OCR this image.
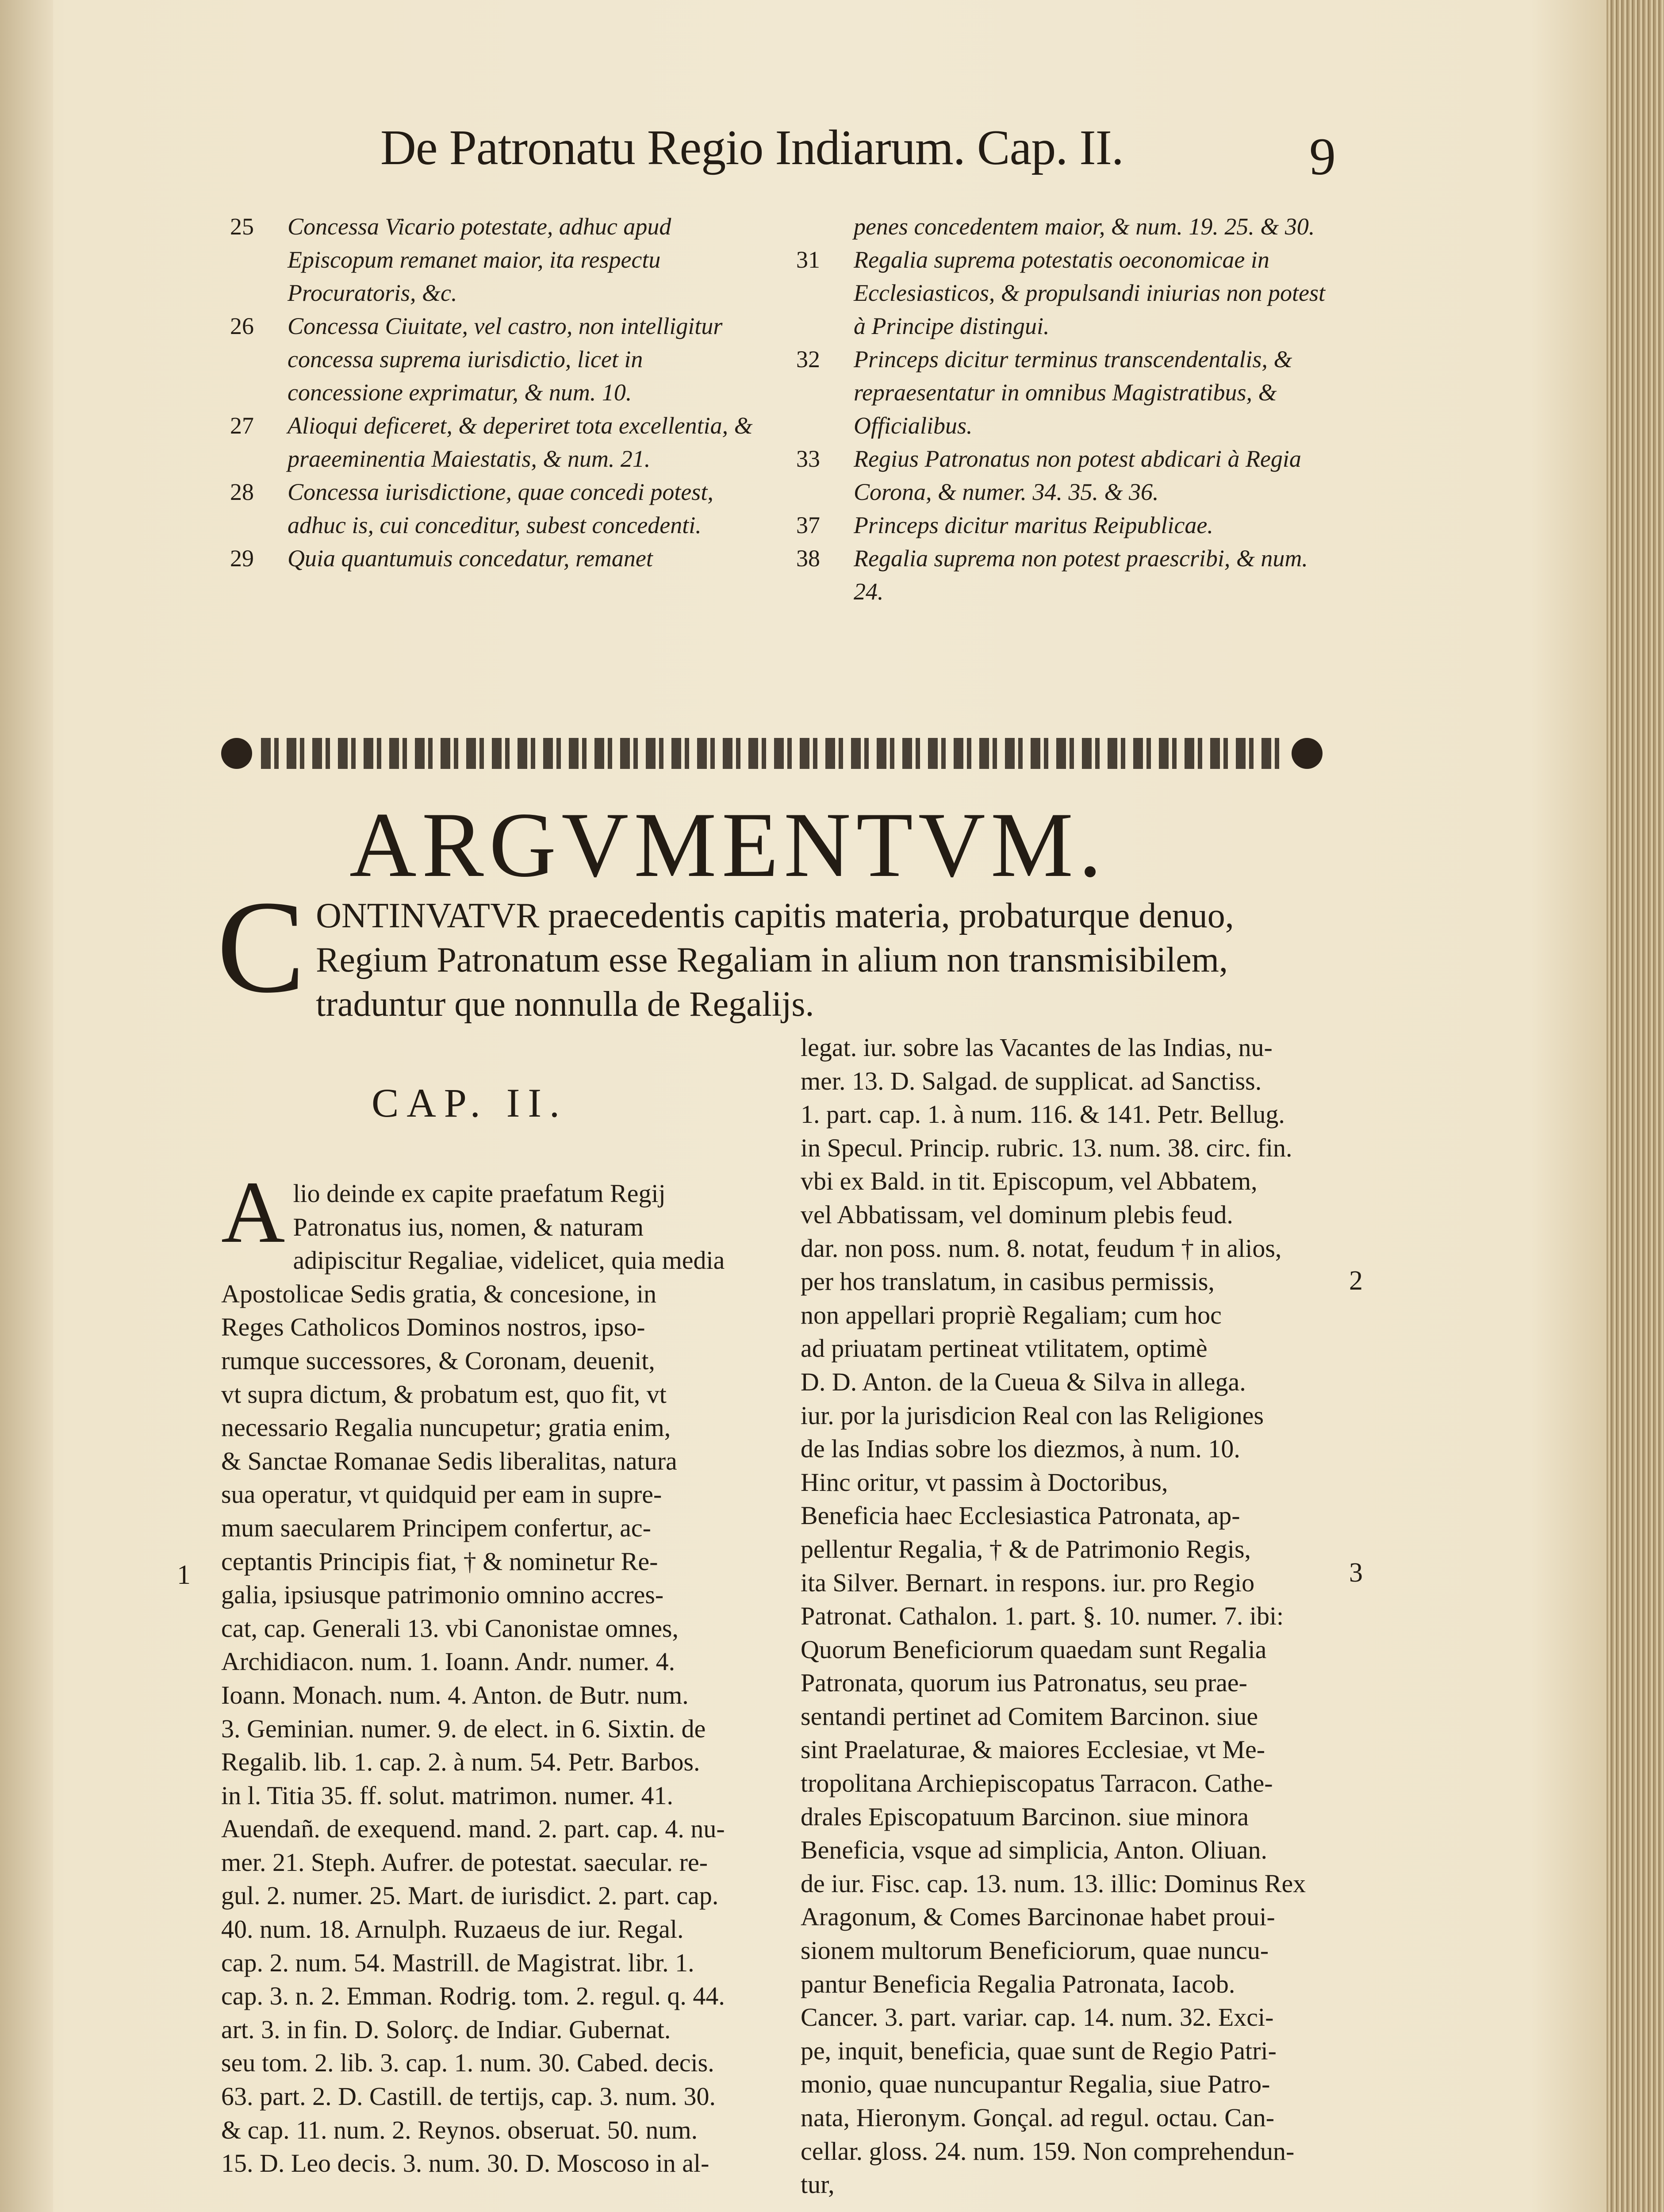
De Patronatu Regio Indiarum. Cap. II.	9
25	Concessa Vicario potestate, adhuc apud Episcopum remanet maior, ita respectu Procuratoris, &c.
26	Concessa Ciuitate, vel castro, non intelligitur concessa suprema iurisdictio, licet in concessione exprimatur, & num. 10.
27	Alioqui deficeret, & deperiret tota excellentia, & praeeminentia Maiestatis, & num. 21.
28	Concessa iurisdictione, quae concedi potest, adhuc is, cui conceditur, subest concedenti.
29	Quia quantumuis concedatur, remanet
penes concedentem maior, & num. 19. 25. & 30.
31	Regalia suprema potestatis oeconomicae in Ecclesiasticos, & propulsandi iniurias non potest à Principe distingui.
32	Princeps dicitur terminus transcendentalis, & repraesentatur in omnibus Magistratibus, & Officialibus.
33	Regius Patronatus non potest abdicari à Regia Corona, & numer. 34. 35. & 36.
37	Princeps dicitur maritus Reipublicae.
38	Regalia suprema non potest praescribi, & num. 24.
ARGVMENTVM.
C ONTINVATVR praecedentis capitis materia, probaturque denuo, Regium Patronatum esse Regaliam in alium non transmisibilem, traduntur que nonnulla de Regalijs.
CAP. II.
A lio deinde ex capite praefatum Regij
Patronatus ius, nomen, & naturam
adipiscitur Regaliae, videlicet, quia media
Apostolicae Sedis gratia, & concesione, in
Reges Catholicos Dominos nostros, ipso-
rumque successores, & Coronam, deuenit,
vt supra dictum, & probatum est, quo fit, vt
necessario Regalia nuncupetur; gratia enim,
& Sanctae Romanae Sedis liberalitas, natura
sua operatur, vt quidquid per eam in supre-
mum saecularem Principem confertur, ac-
ceptantis Principis fiat, † & nominetur Re-
galia, ipsiusque patrimonio omnino accres-
cat, cap. Generali 13. vbi Canonistae omnes,
Archidiacon. num. 1. Ioann. Andr. numer. 4.
Ioann. Monach. num. 4. Anton. de Butr. num.
3. Geminian. numer. 9. de elect. in 6. Sixtin. de
Regalib. lib. 1. cap. 2. à num. 54. Petr. Barbos.
in l. Titia 35. ff. solut. matrimon. numer. 41.
Auendañ. de exequend. mand. 2. part. cap. 4. nu-
mer. 21. Steph. Aufrer. de potestat. saecular. re-
gul. 2. numer. 25. Mart. de iurisdict. 2. part. cap.
40. num. 18. Arnulph. Ruzaeus de iur. Regal.
cap. 2. num. 54. Mastrill. de Magistrat. libr. 1.
cap. 3. n. 2. Emman. Rodrig. tom. 2. regul. q. 44.
art. 3. in fin. D. Solorç. de Indiar. Gubernat.
seu tom. 2. lib. 3. cap. 1. num. 30. Cabed. decis.
63. part. 2. D. Castill. de tertijs, cap. 3. num. 30.
& cap. 11. num. 2. Reynos. obseruat. 50. num.
15. D. Leo decis. 3. num. 30. D. Moscoso in al-
legat. iur. sobre las Vacantes de las Indias, nu-
mer. 13. D. Salgad. de supplicat. ad Sanctiss.
1. part. cap. 1. à num. 116. & 141. Petr. Bellug.
in Specul. Princip. rubric. 13. num. 38. circ. fin.
vbi ex Bald. in tit. Episcopum, vel Abbatem,
vel Abbatissam, vel dominum plebis feud.
dar. non poss. num. 8. notat, feudum † in alios,
per hos translatum, in casibus permissis,
non appellari propriè Regaliam; cum hoc
ad priuatam pertineat vtilitatem, optimè
D. D. Anton. de la Cueua & Silva in allega.
iur. por la jurisdicion Real con las Religiones
de las Indias sobre los diezmos, à num. 10.
Hinc oritur, vt passim à Doctoribus,
Beneficia haec Ecclesiastica Patronata, ap-
pellentur Regalia, † & de Patrimonio Regis,
ita Silver. Bernart. in respons. iur. pro Regio
Patronat. Cathalon. 1. part. §. 10. numer. 7. ibi:
Quorum Beneficiorum quaedam sunt Regalia
Patronata, quorum ius Patronatus, seu prae-
sentandi pertinet ad Comitem Barcinon. siue
sint Praelaturae, & maiores Ecclesiae, vt Me-
tropolitana Archiepiscopatus Tarracon. Cathe-
drales Episcopatuum Barcinon. siue minora
Beneficia, vsque ad simplicia, Anton. Oliuan.
de iur. Fisc. cap. 13. num. 13. illic: Dominus Rex
Aragonum, & Comes Barcinonae habet proui-
sionem multorum Beneficiorum, quae nuncu-
pantur Beneficia Regalia Patronata, Iacob.
Cancer. 3. part. variar. cap. 14. num. 32. Exci-
pe, inquit, beneficia, quae sunt de Regio Patri-
monio, quae nuncupantur Regalia, siue Patro-
nata, Hieronym. Gonçal. ad regul. octau. Can-
cellar. gloss. 24. num. 159. Non comprehendun-
tur,
1
2
3
